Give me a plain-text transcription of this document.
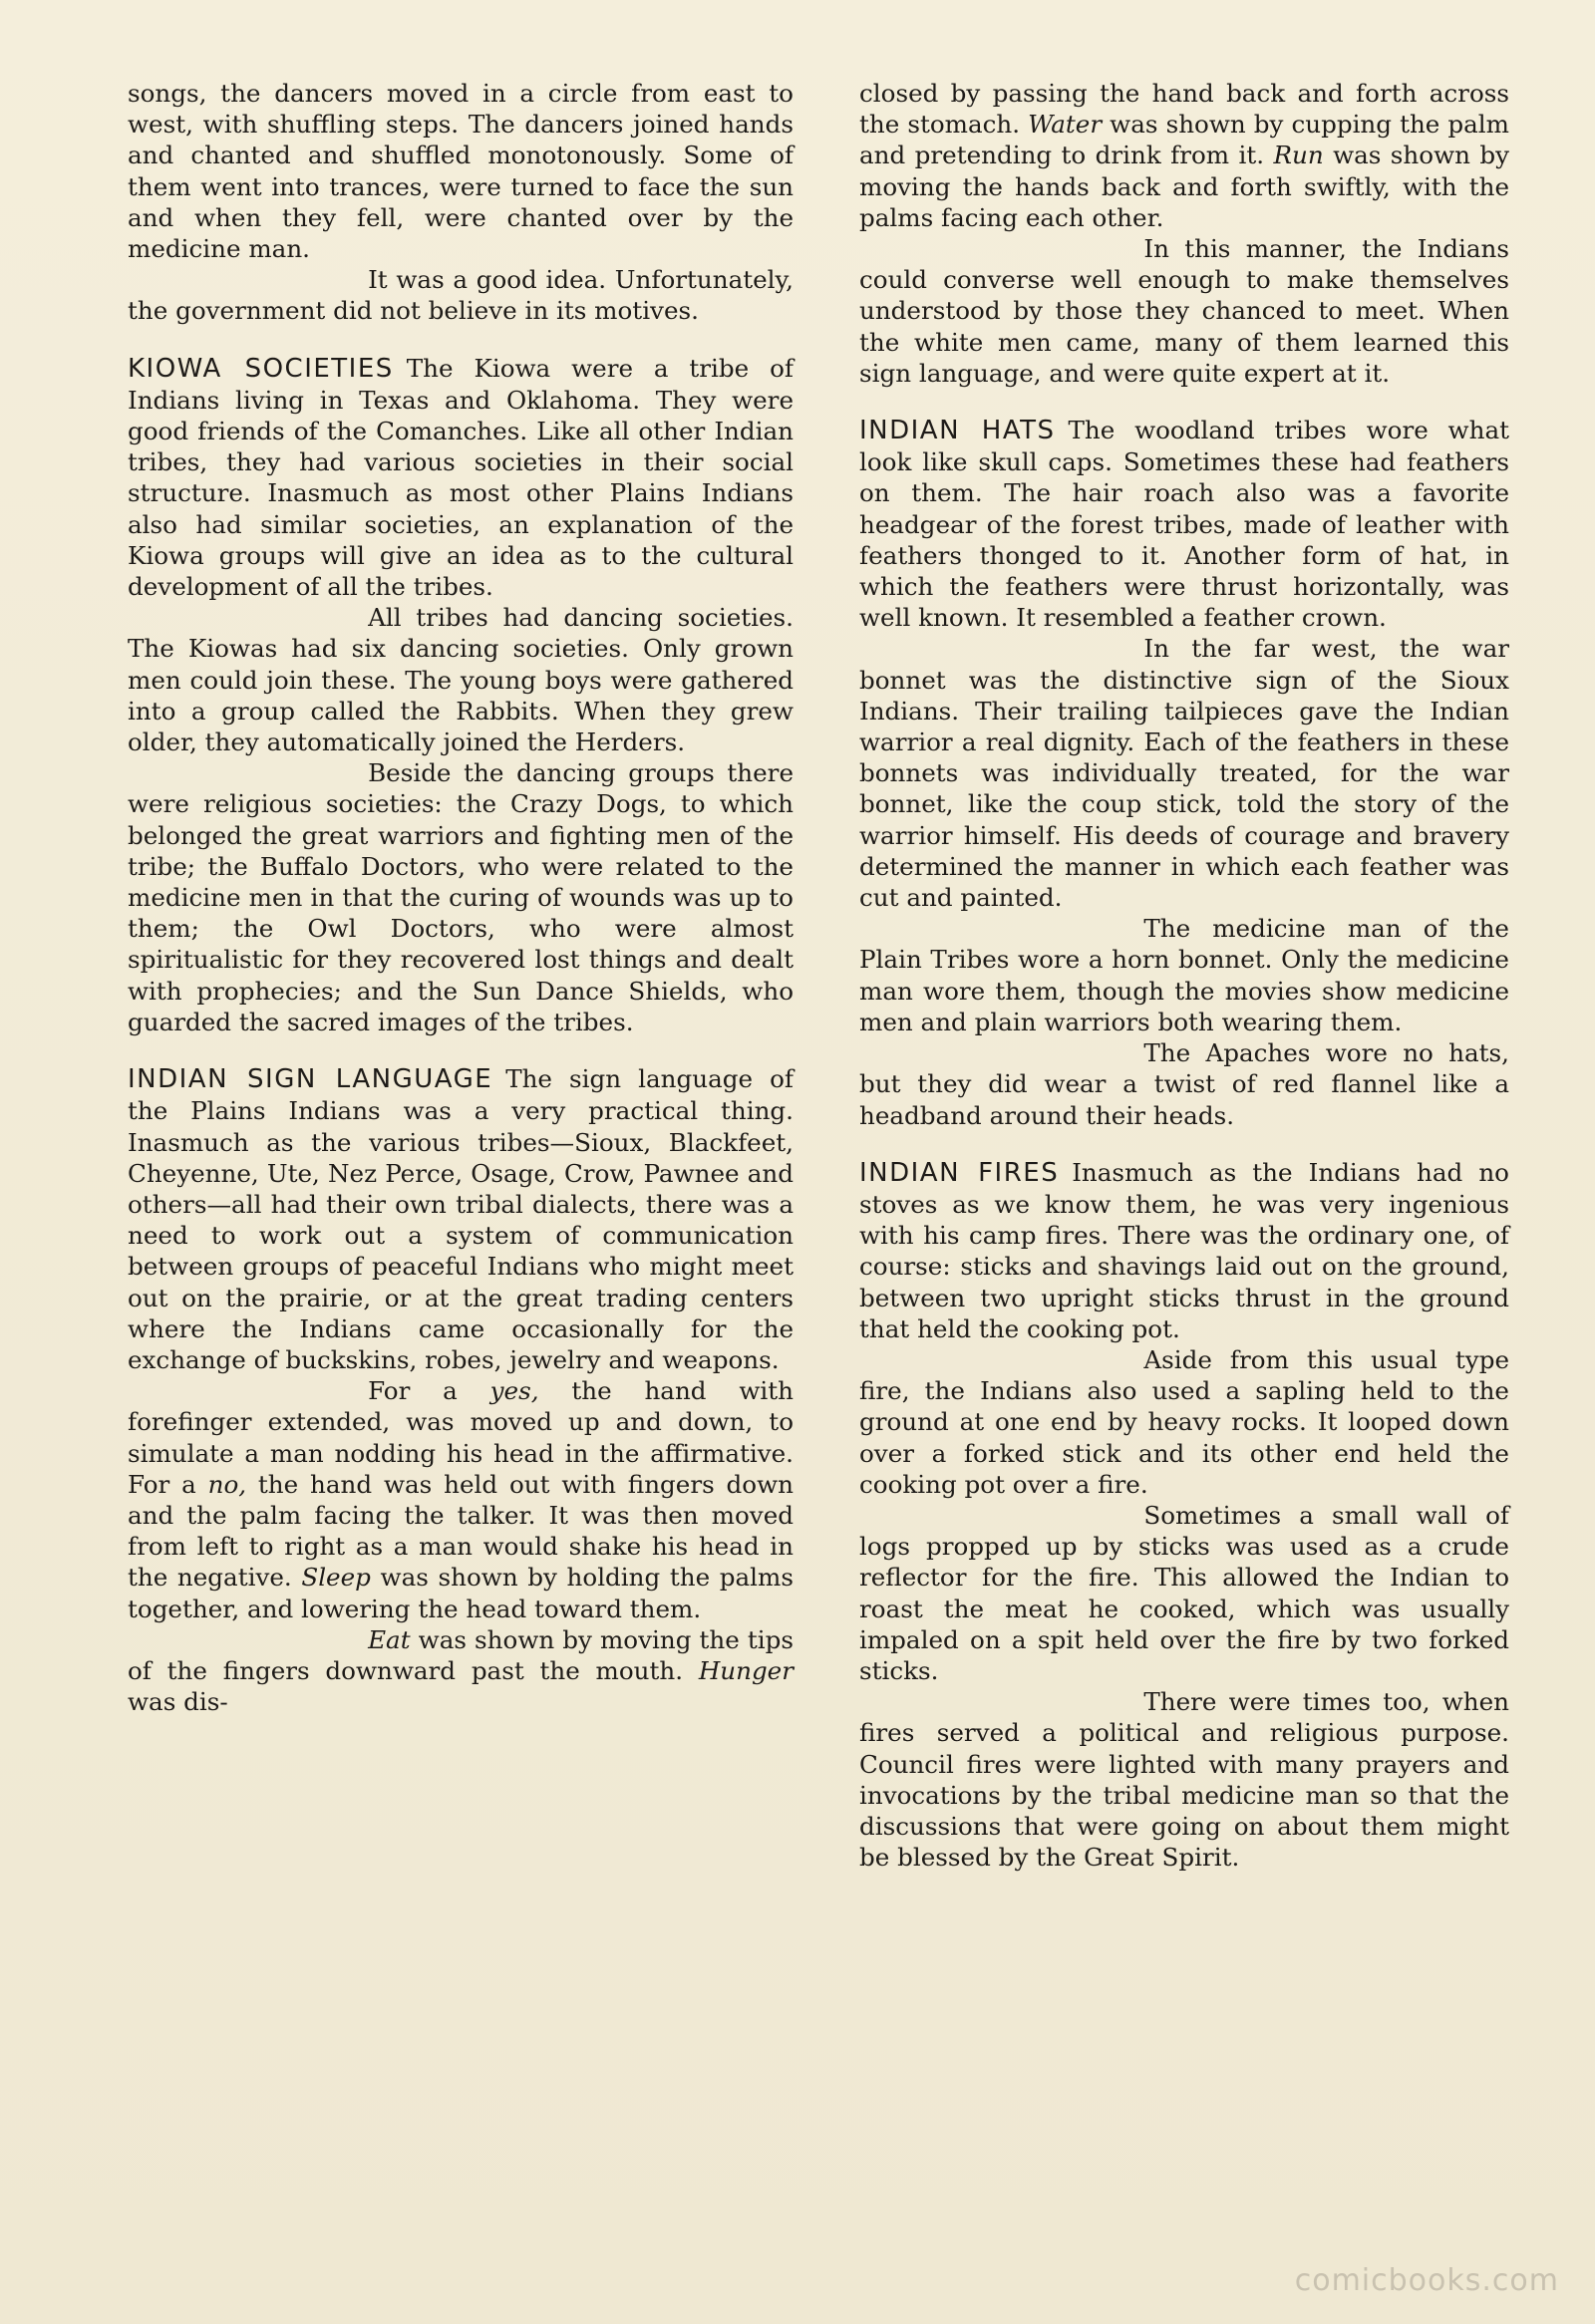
songs, the dancers moved in a circle from east to west, with shuffling steps. The dancers joined hands and chanted and shuffled monotonously. Some of them went into trances, were turned to face the sun and when they fell, were chanted over by the medicine man.

It was a good idea. Unfortunately, the government did not believe in its motives.

KIOWA SOCIETIES The Kiowa were a tribe of Indians living in Texas and Oklahoma. They were good friends of the Comanches. Like all other Indian tribes, they had various societies in their social structure. Inasmuch as most other Plains Indians also had similar societies, an explanation of the Kiowa groups will give an idea as to the cultural development of all the tribes.

All tribes had dancing societies. The Kiowas had six dancing societies. Only grown men could join these. The young boys were gathered into a group called the Rabbits. When they grew older, they automatically joined the Herders.

Beside the dancing groups there were religious societies: the Crazy Dogs, to which belonged the great warriors and fighting men of the tribe; the Buffalo Doctors, who were related to the medicine men in that the curing of wounds was up to them; the Owl Doctors, who were almost spiritualistic for they recovered lost things and dealt with prophecies; and the Sun Dance Shields, who guarded the sacred images of the tribes.

INDIAN SIGN LANGUAGE The sign language of the Plains Indians was a very practical thing. Inasmuch as the various tribes—Sioux, Blackfeet, Cheyenne, Ute, Nez Perce, Osage, Crow, Pawnee and others—all had their own tribal dialects, there was a need to work out a system of communication between groups of peaceful Indians who might meet out on the prairie, or at the great trading centers where the Indians came occasionally for the exchange of buckskins, robes, jewelry and weapons.

For a yes, the hand with forefinger extended, was moved up and down, to simulate a man nodding his head in the affirmative. For a no, the hand was held out with fingers down and the palm facing the talker. It was then moved from left to right as a man would shake his head in the negative. Sleep was shown by holding the palms together, and lowering the head toward them.

Eat was shown by moving the tips of the fingers downward past the mouth. Hunger was dis-

closed by passing the hand back and forth across the stomach. Water was shown by cupping the palm and pretending to drink from it. Run was shown by moving the hands back and forth swiftly, with the palms facing each other.

In this manner, the Indians could converse well enough to make themselves understood by those they chanced to meet. When the white men came, many of them learned this sign language, and were quite expert at it.

INDIAN HATS The woodland tribes wore what look like skull caps. Sometimes these had feathers on them. The hair roach also was a favorite headgear of the forest tribes, made of leather with feathers thonged to it. Another form of hat, in which the feathers were thrust horizontally, was well known. It resembled a feather crown.

In the far west, the war bonnet was the distinctive sign of the Sioux Indians. Their trailing tailpieces gave the Indian warrior a real dignity. Each of the feathers in these bonnets was individually treated, for the war bonnet, like the coup stick, told the story of the warrior himself. His deeds of courage and bravery determined the manner in which each feather was cut and painted.

The medicine man of the Plain Tribes wore a horn bonnet. Only the medicine man wore them, though the movies show medicine men and plain warriors both wearing them.

The Apaches wore no hats, but they did wear a twist of red flannel like a headband around their heads.

INDIAN FIRES Inasmuch as the Indians had no stoves as we know them, he was very ingenious with his camp fires. There was the ordinary one, of course: sticks and shavings laid out on the ground, between two upright sticks thrust in the ground that held the cooking pot.

Aside from this usual type fire, the Indians also used a sapling held to the ground at one end by heavy rocks. It looped down over a forked stick and its other end held the cooking pot over a fire.

Sometimes a small wall of logs propped up by sticks was used as a crude reflector for the fire. This allowed the Indian to roast the meat he cooked, which was usually impaled on a spit held over the fire by two forked sticks.

There were times too, when fires served a political and religious purpose. Council fires were lighted with many prayers and invocations by the tribal medicine man so that the discussions that were going on about them might be blessed by the Great Spirit.

comicbooks.com
